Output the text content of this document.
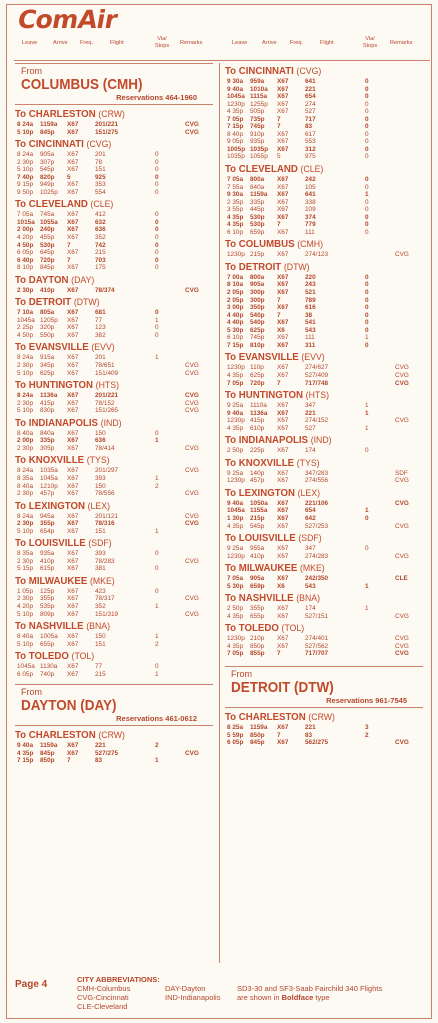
ComAir
Leave	Arrive Freq.	Flight
Via/ Stops Remarks	Leave	Arrive Freq.	Flight
Via/ Stops Remarks
From
COLUMBUS (CMH)
Reservations 464-1960
To CHARLESTON (CRW)
8 24a 1159a X67	201/221	CVG
5 10p 845p X67	151/275	CVG
To CINCINNATI (CVG)
8 24a 905a X67	201	0
2 30p 307p X67	78	0
5 10p 545p X67	151	0
7 40p 820p 5	925	0
9 15p 949p X67	353	0
9 50p 1025p X67	554	0
To CLEVELAND (CLE)
7 05a 745a X67	412	0
1015a 1055a X67	632	0
2 00p 240p X67	636	0
4 20p 455p X67	352	0
4 50p 530p 7	742	0
6 05p 645p X67	215	0
6 40p 720p 7	703	0
8 10p 845p X67	175	0
To DAYTON (DAY)
2 30p 410p X67	78/374	CVG
To DETROIT (DTW)
7 10a 805a X67	681	0
1045a 1205p X67	77	1
2 25p 320p X67	123	0
4 50p 550p X67	382	0
To EVANSVILLE (EVV)
8 24a 915a X67	201	1
2 30p 345p X67	78/651	CVG
5 10p 625p X67	151/409	CVG
To HUNTINGTON (HTS)
8 24a 1136a X67	201/221	CVG
2 30p 415p X67	78/152	CVG
5 10p 830p X67	151/265	CVG
To INDIANAPOLIS (IND)
8 40a 840a X67	150	0
2 00p 335p X67	636	1
2 30p 305p X67	78/414	CVG
To KNOXVILLE (TYS)
8 24a 1035a X67	201/297	CVG
8 35a 1045a X67	393	1
8 40a 1210p X67	150	2
2 30p 457p X67	78/556	CVG
To LEXINGTON (LEX)
8 24a 945a X67	201/121	CVG
2 30p 355p X67	78/316	CVG
5 10p 654p X67	151	1
To LOUISVILLE (SDF)
8 35a 935a X67	393	0
2 30p 410p X67	78/283	CVG
5 15p 615p X67	381	0
To MILWAUKEE (MKE)
1 05p 125p X67	423	0
2 30p 355p X67	78/317	CVG
4 20p 535p X67	352	1
5 10p 809p X67	151/319	CVG
To NASHVILLE (BNA)
8 40a 1005a X67	150	1
5 10p 655p X67	151	2
To TOLEDO (TOL)
1045a 1130a X67	77	0
6 05p 740p X67	215	1
From
DAYTON (DAY)
Reservations 461-0612
To CHARLESTON (CRW)
9 40a 1159a X67	221	2
4 35p 845p X67	527/275	CVG
7 15p 850p 7	83	1
To CINCINNATI (CVG)
9 30a 959a X67	641	0
9 40a 1010a X67	221	0
1045a 1115a X67	654	0
1230p 1255p X67	274	0
4 35p 505p X67	527	0
7 05p 735p 7	717	0
7 15p 745p 7	83	0
8 40p 910p X67	617	0
9 05p 935p X67	553	0
1005p 1035p X67	312	0
1035p 1055p 5	975	0
To CLEVELAND (CLE)
7 05a 800a X67	242	0
7 55a 840a X67	105	0
9 30a 1159a X67	641	1
2 35p 335p X67	338	0
3 55p 445p X67	109	0
4 35p 530p X67	374	0
4 35p 530p 7	779	0
6 10p 659p X67	111	0
To COLUMBUS (CMH)
1230p 215p X67	274/123	CVG
To DETROIT (DTW)
7 00a 800a X67	220	0
8 10a 905a X67	243	0
2 05p 300p X67	521	0
2 05p 300p 7	789	0
3 00p 350p X67	616	0
4 40p 540p 7	38	0
4 40p 540p X67	541	0
5 30p 625p X6	543	0
6 10p 745p X67	111	1
7 15p 810p X67	311	0
To EVANSVILLE (EVV)
1230p 110p X67	274/627	CVG
4 35p 625p X67	527/409	CVG
7 05p 720p 7	717/748	CVG
To HUNTINGTON (HTS)
9 25a 1110a X67	347	1
9 40a 1136a X67	221	1
1230p 415p X67	274/152	CVG
4 35p 610p X67	527	1
To INDIANAPOLIS (IND)
2 50p 225p X67	174	0
To KNOXVILLE (TYS)
9 25a 140p X67	347/283	SDF
1230p 457p X67	274/556	CVG
To LEXINGTON (LEX)
9 40a 1050a X67	221/106	CVG
1045a 1155a X67	654	1
1 30p 215p X67	642	0
4 35p 545p X67	527/253	CVG
To LOUISVILLE (SDF)
9 25a 955a X67	347	0
1230p 410p X67	274/283	CVG
To MILWAUKEE (MKE)
7 05a 905a X67	242/350	CLE
5 30p 659p X6	543	1
To NASHVILLE (BNA)
2 50p 355p X67	174	1
4 35p 655p X67	527/151	CVG
To TOLEDO (TOL)
1230p 210p X67	274/401	CVG
4 35p 850p X67	527/562	CVG
7 05p 855p 7	717/707	CVG
From
DETROIT (DTW)
Reservations 961-7545
To CHARLESTON (CRW)
8 25a 1159a X67	221	3
5 59p 850p 7	83	2
6 05p 845p X67	562/275	CVG
Page 4	CITY ABBREVIATIONS:
CMH-Columbus
CVG-Cincinnati
CLE-Cleveland
DAY-Dayton
IND-Indianapolis
SD3-30 and SF3-Saab Fairchild 340 Flights
are shown in Boldface type
